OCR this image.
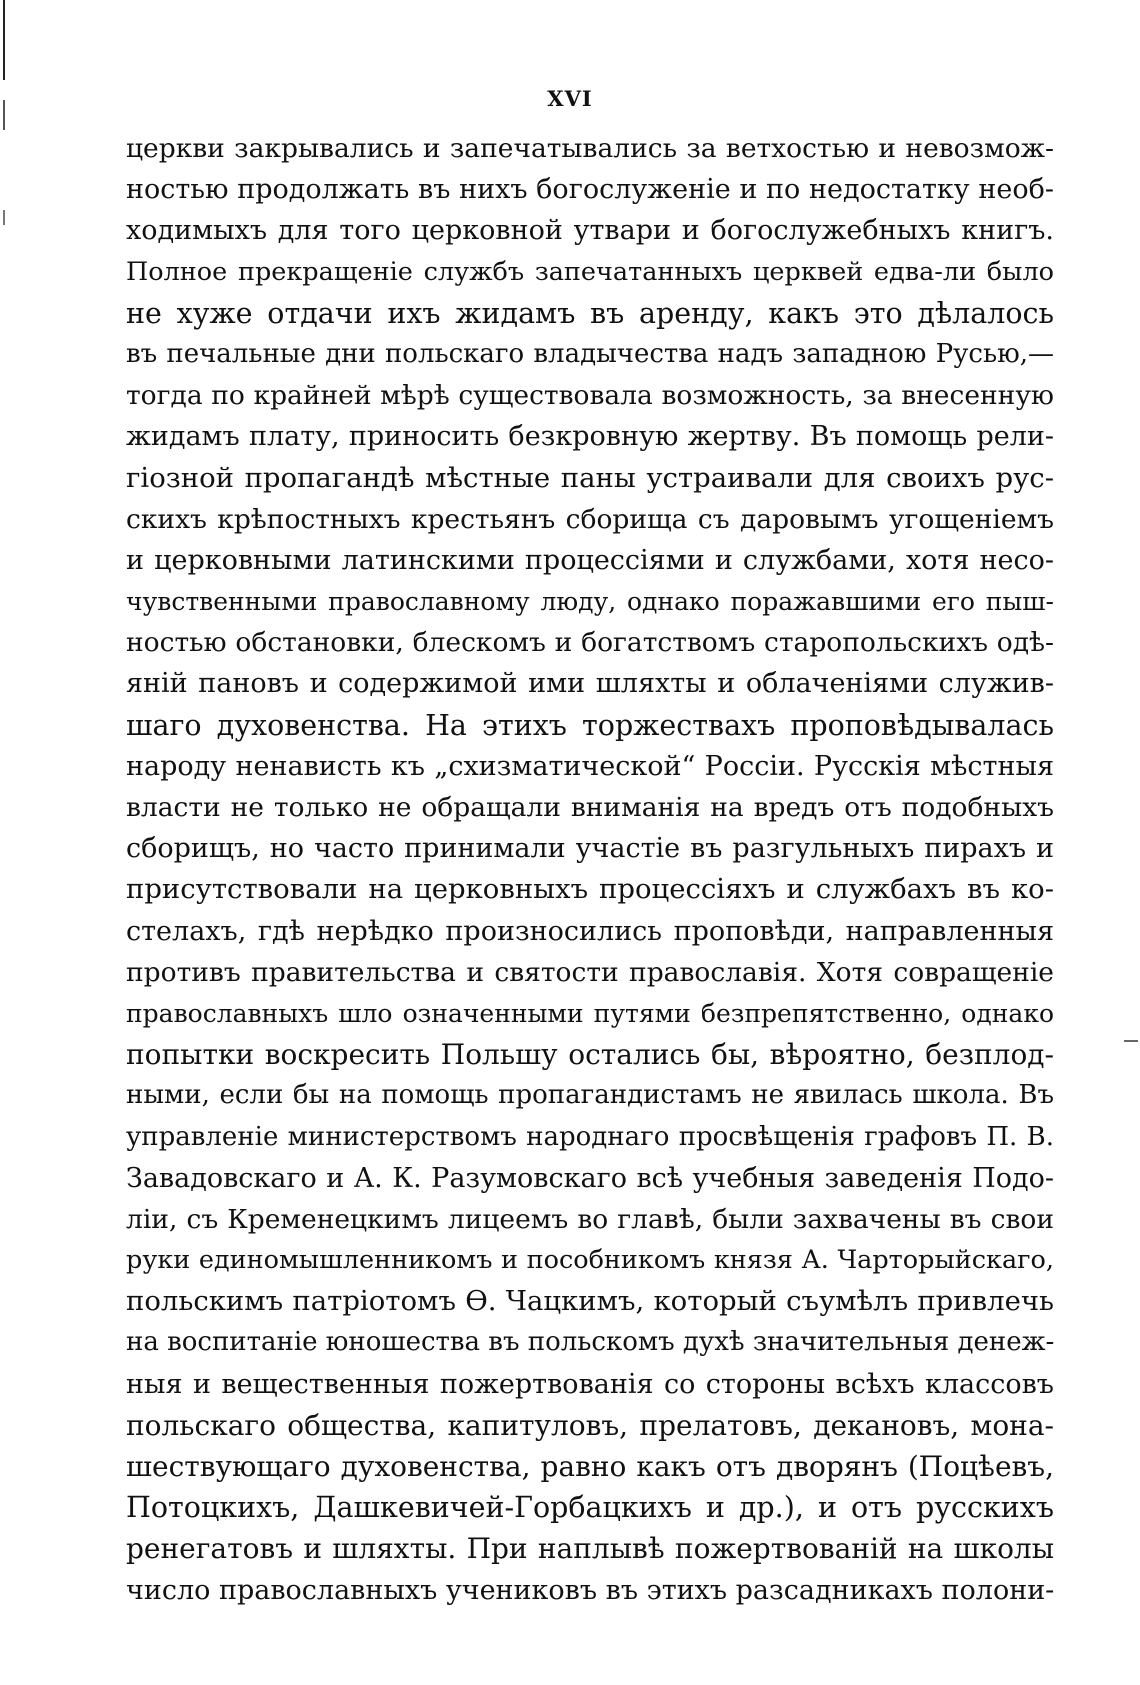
XVI
церкви закрывались и запечатывались за ветхостью и невозмож-
ностью продолжать въ нихъ богослуженіе и по недостатку необ-
ходимыхъ для того церковной утвари и богослужебныхъ книгъ.
Полное прекращеніе службъ запечатанныхъ церквей едва-ли было
не хуже отдачи ихъ жидамъ въ аренду, какъ это дѣлалось
въ печальные дни польскаго владычества надъ западною Русью,—
тогда по крайней мѣрѣ существовала возможность, за внесенную
жидамъ плату, приносить безкровную жертву. Въ помощь рели-
гіозной пропагандѣ мѣстные паны устраивали для своихъ рус-
скихъ крѣпостныхъ крестьянъ сборища съ даровымъ угощеніемъ
и церковными латинскими процессіями и службами, хотя несо-
чувственными православному люду, однако поражавшими его пыш-
ностью обстановки, блескомъ и богатствомъ старопольскихъ одѣ-
яній пановъ и содержимой ими шляхты и облаченіями служив-
шаго духовенства. На этихъ торжествахъ проповѣдывалась
народу ненависть къ „схизматической“ Россіи. Русскія мѣстныя
власти не только не обращали вниманія на вредъ отъ подобныхъ
сборищъ, но часто принимали участіе въ разгульныхъ пирахъ и
присутствовали на церковныхъ процессіяхъ и службахъ въ ко-
стелахъ, гдѣ нерѣдко произносились проповѣди, направленныя
противъ правительства и святости православія. Хотя совращеніе
православныхъ шло означенными путями безпрепятственно, однако
попытки воскресить Польшу остались бы, вѣроятно, безплод-
ными, если бы на помощь пропагандистамъ не явилась школа. Въ
управленіе министерствомъ народнаго просвѣщенія графовъ П. В.
Завадовскаго и А. К. Разумовскаго всѣ учебныя заведенія Подо-
ліи, съ Кременецкимъ лицеемъ во главѣ, были захвачены въ свои
руки единомышленникомъ и пособникомъ князя А. Чарторыйскаго,
польскимъ патріотомъ Ѳ. Чацкимъ, который съумѣлъ привлечь
на воспитаніе юношества въ польскомъ духѣ значительныя денеж-
ныя и вещественныя пожертвованія со стороны всѣхъ классовъ
польскаго общества, капитуловъ, прелатовъ, декановъ, мона-
шествующаго духовенства, равно какъ отъ дворянъ (Поцѣевъ,
Потоцкихъ, Дашкевичей-Горбацкихъ и др.), и отъ русскихъ
ренегатовъ и шляхты. При наплывѣ пожертвованій на школы
число православныхъ учениковъ въ этихъ разсадникахъ полони-
